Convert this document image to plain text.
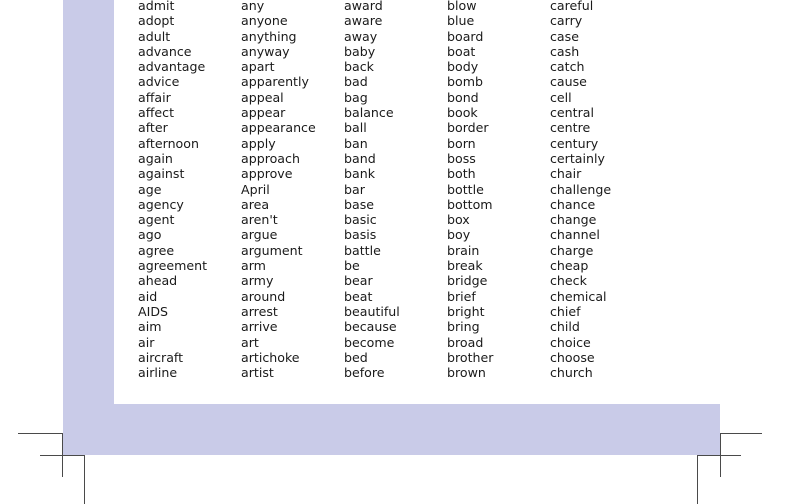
admit
adopt
adult
advance
advantage
advice
affair
affect
after
afternoon
again
against
age
agency
agent
ago
agree
agreement
ahead
aid
AIDS
aim
air
aircraft
airline
any
anyone
anything
anyway
apart
apparently
appeal
appear
appearance
apply
approach
approve
April
area
aren't
argue
argument
arm
army
around
arrest
arrive
art
artichoke
artist
award
aware
away
baby
back
bad
bag
balance
ball
ban
band
bank
bar
base
basic
basis
battle
be
bear
beat
beautiful
because
become
bed
before
blow
blue
board
boat
body
bomb
bond
book
border
born
boss
both
bottle
bottom
box
boy
brain
break
bridge
brief
bright
bring
broad
brother
brown
careful
carry
case
cash
catch
cause
cell
central
centre
century
certainly
chair
challenge
chance
change
channel
charge
cheap
check
chemical
chief
child
choice
choose
church
